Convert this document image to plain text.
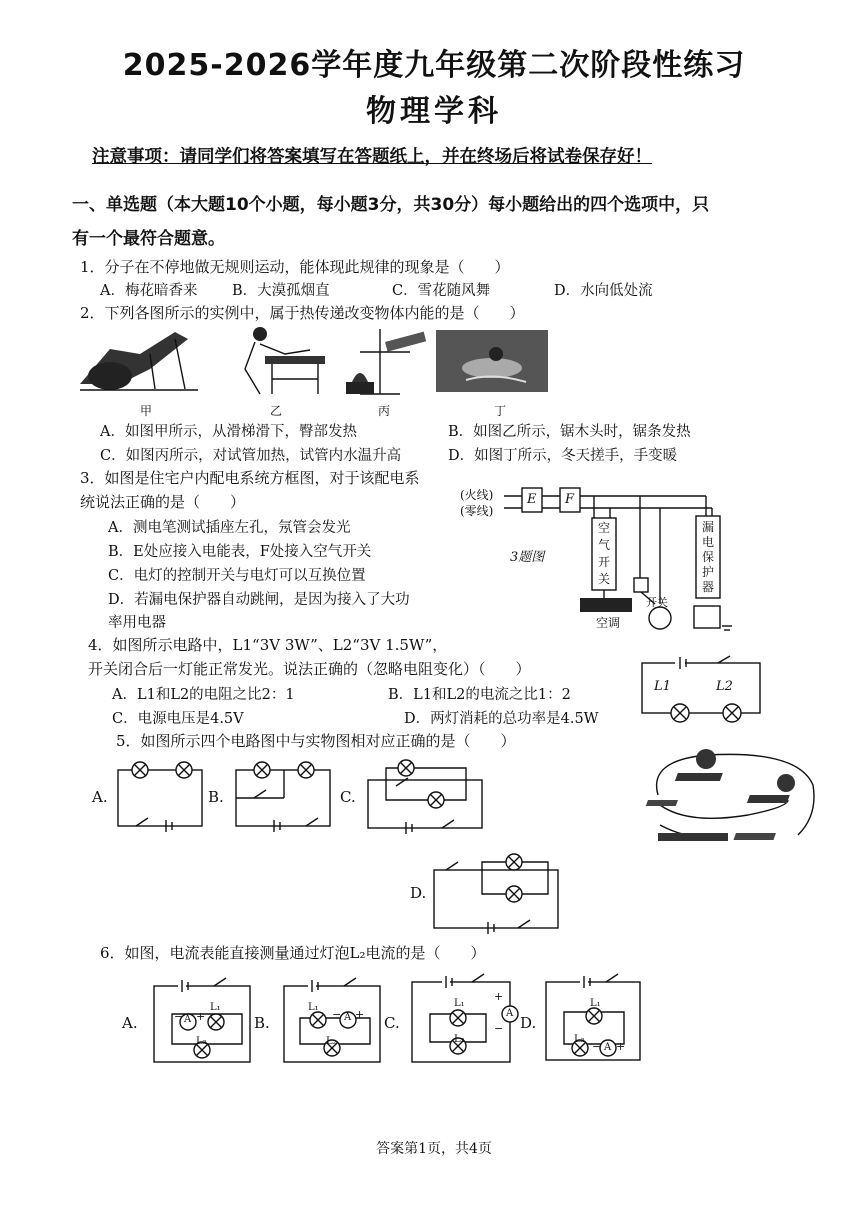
2025-2026学年度九年级第二次阶段性练习
物理学科
注意事项：请同学们将答案填写在答题纸上，并在终场后将试卷保存好！
一、单选题（本大题10个小题，每小题3分，共30分）每小题给出的四个选项中，只
有一个最符合题意。
1．分子在不停地做无规则运动，能体现此规律的现象是（　　）
A．梅花暗香来 B．大漠孤烟直	C．雪花随风舞	D．水向低处流
2．下列各图所示的实例中，属于热传递改变物体内能的是（　　）
甲	乙	丙	丁
A．如图甲所示，从滑梯滑下，臀部发热	B．如图乙所示，锯木头时，锯条发热
C．如图丙所示，对试管加热，试管内水温升高	D．如图丁所示，冬天搓手，手变暖
3．如图是住宅户内配电系统方框图，对于该配电系
统说法正确的是（　　）
A．测电笔测试插座左孔，氖管会发光
B．E处应接入电能表，F处接入空气开关
C．电灯的控制开关与电灯可以互换位置
D．若漏电保护器自动跳闸，是因为接入了大功
率用电器
(火线)
(零线)
E F
空
气
开
关
漏
电
保
护
器
空调
开关
3题图
4．如图所示电路中，L1“3V 3W”、L2“3V 1.5W”，
开关闭合后一灯能正常发光。说法正确的（忽略电阻变化）（　　）
A．L1和L2的电阻之比2：1	B．L1和L2的电流之比1：2
C．电源电压是4.5V	D．两灯消耗的总功率是4.5W
L1	L2
5．如图所示四个电路图中与实物图相对应正确的是（　　）
A.	B.	C.
D.
6．如图，电流表能直接测量通过灯泡L₂电流的是（　　）
A.	A
− +
L₁
L₂
B.	A
− +
L₁
L₂
C.
A
+
−
L₁
L₂
D.
A
− +
L₁
L₂
答案第1页，共4页
